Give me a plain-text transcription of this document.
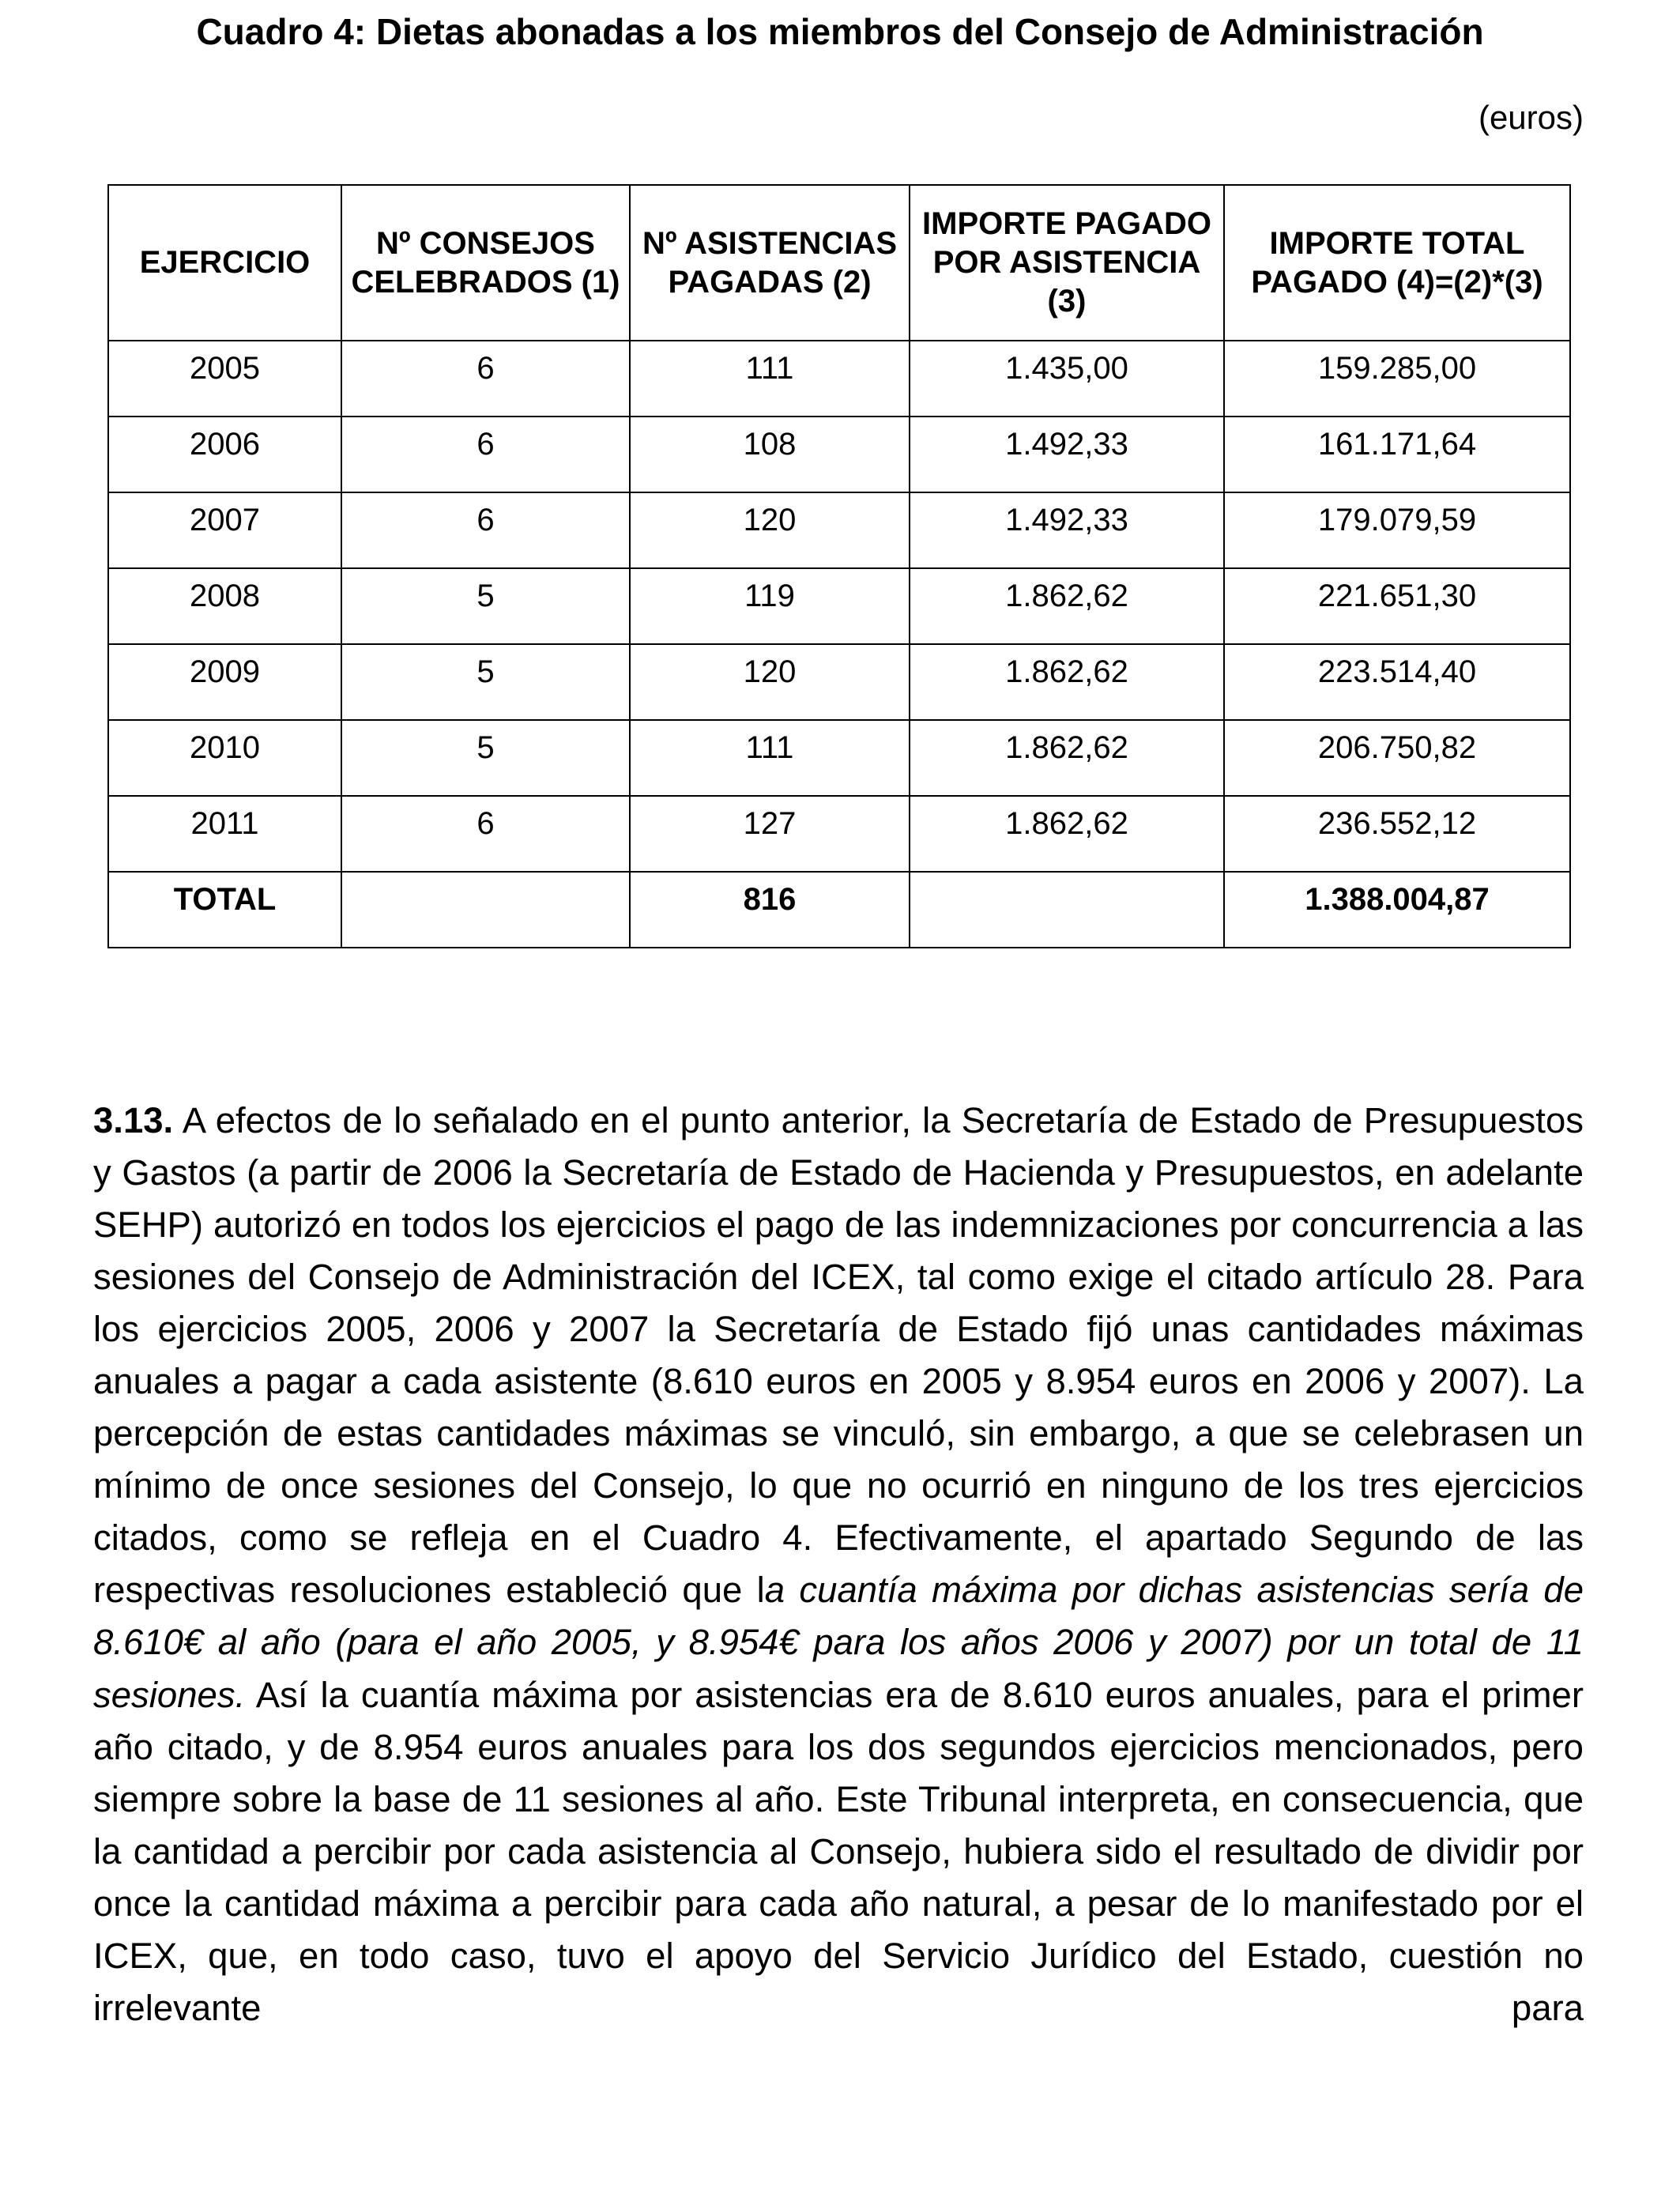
Cuadro 4: Dietas abonadas a los miembros del Consejo de Administración
(euros)
EJERCICIO	Nº CONSEJOS CELEBRADOS (1)	Nº ASISTENCIAS PAGADAS (2)	IMPORTE PAGADO POR ASISTENCIA (3)	IMPORTE TOTAL PAGADO (4)=(2)*(3)
2005	6	111	1.435,00	159.285,00
2006	6	108	1.492,33	161.171,64
2007	6	120	1.492,33	179.079,59
2008	5	119	1.862,62	221.651,30
2009	5	120	1.862,62	223.514,40
2010	5	111	1.862,62	206.750,82
2011	6	127	1.862,62	236.552,12
TOTAL		816		1.388.004,87

3.13. A efectos de lo señalado en el punto anterior, la Secretaría de Estado de Presupuestos y Gastos (a partir de 2006 la Secretaría de Estado de Hacienda y Presupuestos, en adelante SEHP) autorizó en todos los ejercicios el pago de las indemnizaciones por concurrencia a las sesiones del Consejo de Administración del ICEX, tal como exige el citado artículo 28. Para los ejercicios 2005, 2006 y 2007 la Secretaría de Estado fijó unas cantidades máximas anuales a pagar a cada asistente (8.610 euros en 2005 y 8.954 euros en 2006 y 2007). La percepción de estas cantidades máximas se vinculó, sin embargo, a que se celebrasen un mínimo de once sesiones del Consejo, lo que no ocurrió en ninguno de los tres ejercicios citados, como se refleja en el Cuadro 4. Efectivamente, el apartado Segundo de las respectivas resoluciones estableció que la cuantía máxima por dichas asistencias sería de 8.610€ al año (para el año 2005, y 8.954€ para los años 2006 y 2007) por un total de 11 sesiones. Así la cuantía máxima por asistencias era de 8.610 euros anuales, para el primer año citado, y de 8.954 euros anuales para los dos segundos ejercicios mencionados, pero siempre sobre la base de 11 sesiones al año. Este Tribunal interpreta, en consecuencia, que la cantidad a percibir por cada asistencia al Consejo, hubiera sido el resultado de dividir por once la cantidad máxima a percibir para cada año natural, a pesar de lo manifestado por el ICEX, que, en todo caso, tuvo el apoyo del Servicio Jurídico del Estado, cuestión no irrelevante para
